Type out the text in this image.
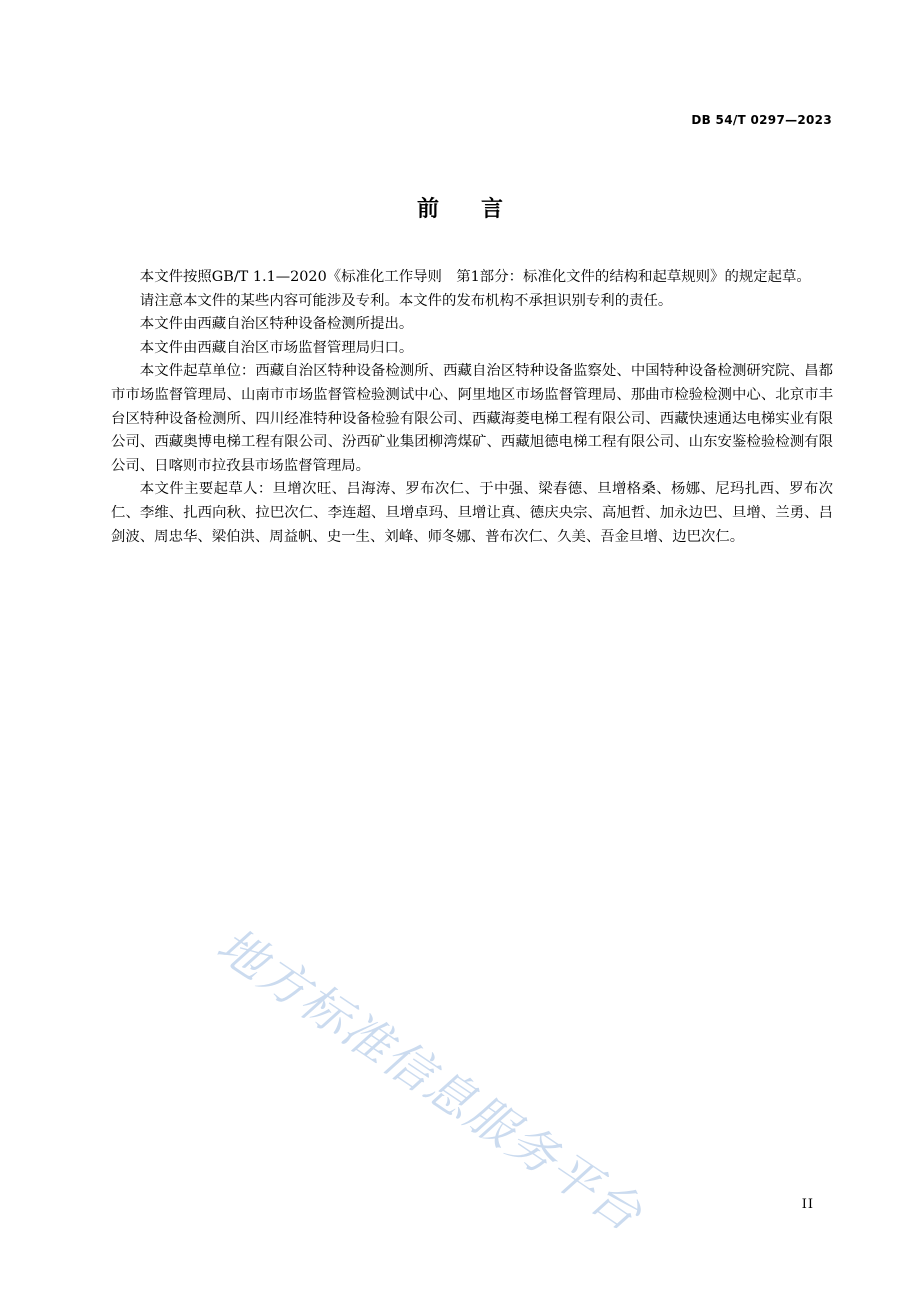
DB 54/T 0297—2023
前言

本文件按照GB/T 1.1—2020《标准化工作导则　第1部分：标准化文件的结构和起草规则》的规定起草。

请注意本文件的某些内容可能涉及专利。本文件的发布机构不承担识别专利的责任。

本文件由西藏自治区特种设备检测所提出。

本文件由西藏自治区市场监督管理局归口。

本文件起草单位：西藏自治区特种设备检测所、西藏自治区特种设备监察处、中国特种设备检测研究院、昌都市市场监督管理局、山南市市场监督管检验测试中心、阿里地区市场监督管理局、那曲市检验检测中心、北京市丰台区特种设备检测所、四川经准特种设备检验有限公司、西藏海菱电梯工程有限公司、西藏快速通达电梯实业有限公司、西藏奥博电梯工程有限公司、汾西矿业集团柳湾煤矿、西藏旭德电梯工程有限公司、山东安鉴检验检测有限公司、日喀则市拉孜县市场监督管理局。

本文件主要起草人：旦增次旺、吕海涛、罗布次仁、于中强、梁春德、旦增格桑、杨娜、尼玛扎西、罗布次仁、李维、扎西向秋、拉巴次仁、李连超、旦增卓玛、旦增让真、德庆央宗、高旭哲、加永边巴、旦增、兰勇、吕剑波、周忠华、梁伯洪、周益帆、史一生、刘峰、师冬娜、普布次仁、久美、吾金旦增、边巴次仁。

地方标准信息服务平台	II
